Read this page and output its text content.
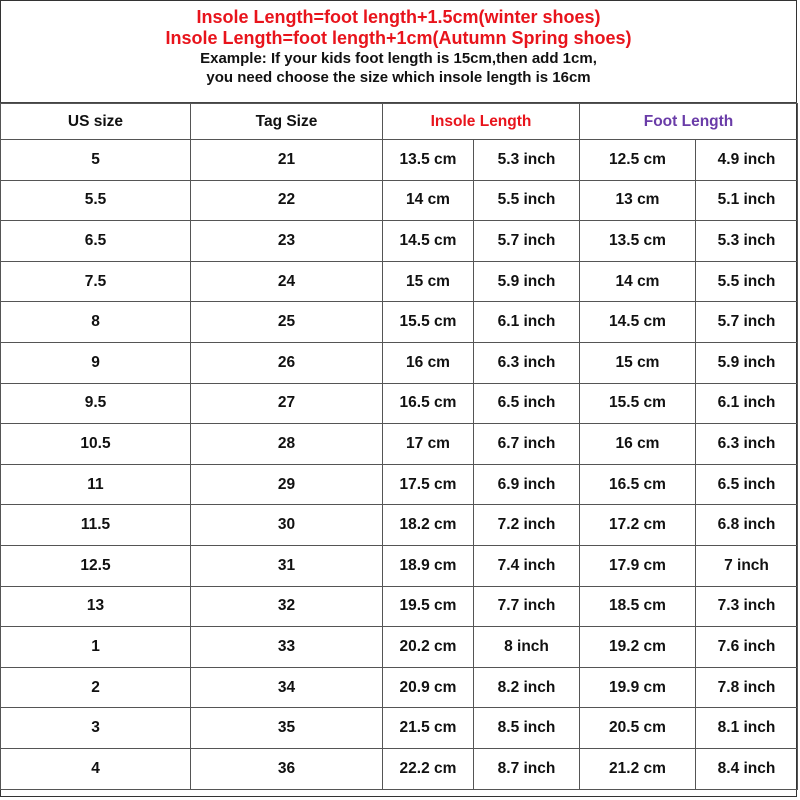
Insole Length=foot length+1.5cm(winter shoes)
Insole Length=foot length+1cm(Autumn Spring shoes)
Example: If your kids foot length is 15cm,then add 1cm,
you need choose the size which insole length is 16cm
US size	Tag Size	Insole Length		Foot Length	
5	21	13.5 cm	5.3 inch	12.5 cm	4.9 inch
5.5	22	14 cm	5.5 inch	13 cm	5.1 inch
6.5	23	14.5 cm	5.7 inch	13.5 cm	5.3 inch
7.5	24	15 cm	5.9 inch	14 cm	5.5 inch
8	25	15.5 cm	6.1 inch	14.5 cm	5.7 inch
9	26	16 cm	6.3 inch	15 cm	5.9 inch
9.5	27	16.5 cm	6.5 inch	15.5 cm	6.1 inch
10.5	28	17 cm	6.7 inch	16 cm	6.3 inch
11	29	17.5 cm	6.9 inch	16.5 cm	6.5 inch
11.5	30	18.2 cm	7.2 inch	17.2 cm	6.8 inch
12.5	31	18.9 cm	7.4 inch	17.9 cm	7 inch
13	32	19.5 cm	7.7 inch	18.5 cm	7.3 inch
1	33	20.2 cm	8 inch	19.2 cm	7.6 inch
2	34	20.9 cm	8.2 inch	19.9 cm	7.8 inch
3	35	21.5 cm	8.5 inch	20.5 cm	8.1 inch
4	36	22.2 cm	8.7 inch	21.2 cm	8.4 inch
